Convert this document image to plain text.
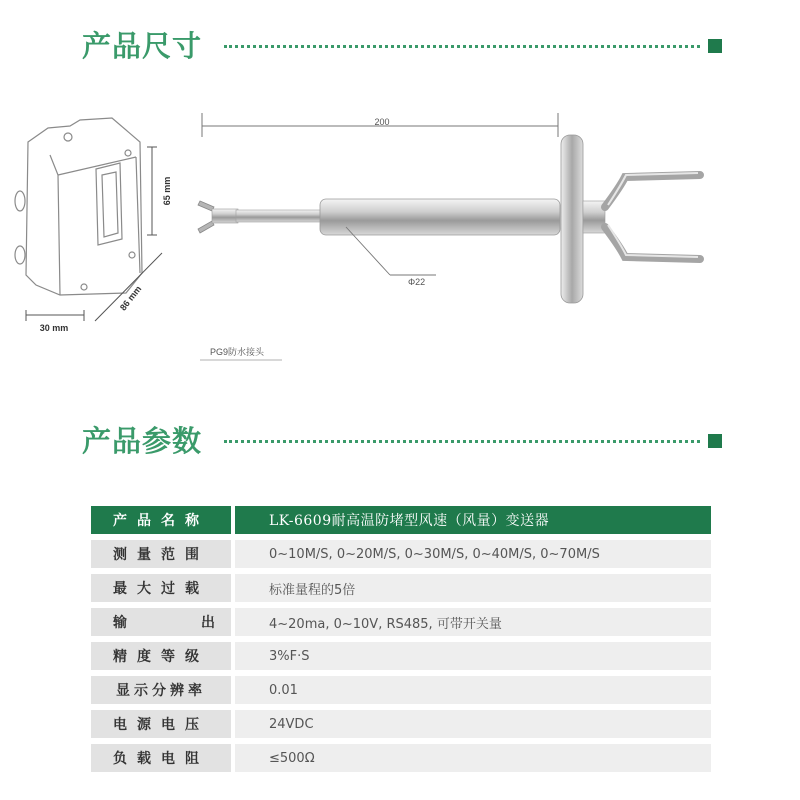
产品尺寸
65 mm
86 mm
30 mm
PG9防水接头
200
Φ22
产品参数
产品名称	LK-6609耐高温防堵型风速（风量）变送器
测量范围	0~10M/S, 0~20M/S, 0~30M/S, 0~40M/S, 0~70M/S
最大过载	标准量程的5倍

输 出	4~20ma, 0~10V, RS485, 可带开关量
精度等级	3%F·S
显示分辨率	0.01
电源电压	24VDC
负载电阻	≤500Ω
